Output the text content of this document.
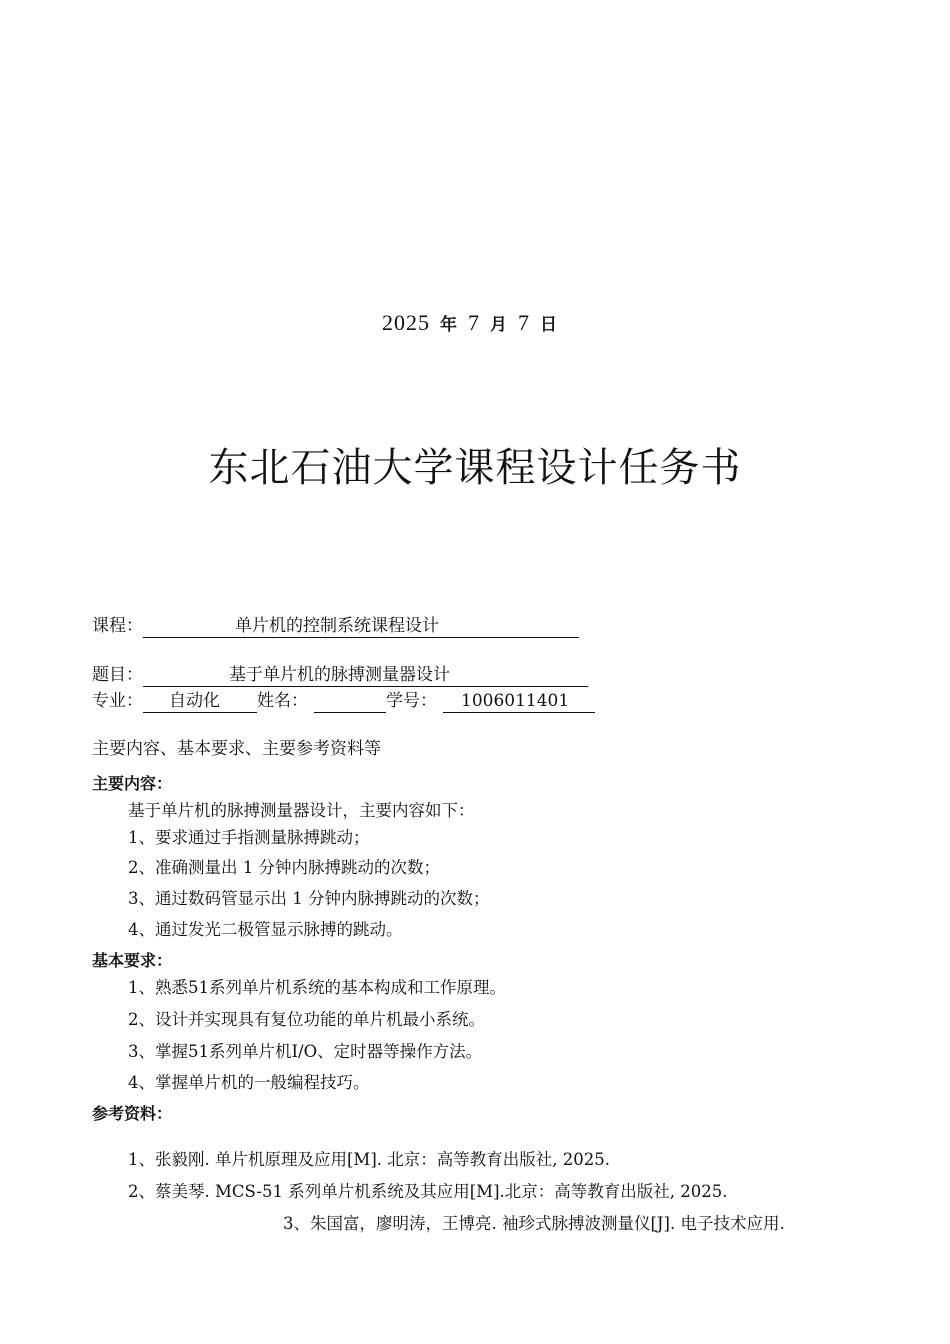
2025 年 7 月 7 日
东北石油大学课程设计任务书
课程：	单片机的控制系统课程设计
题目：	基于单片机的脉搏测量器设计
专业： 自动化 姓名：	学号： 1006011401
主要内容、基本要求、主要参考资料等
主要内容：
基于单片机的脉搏测量器设计，主要内容如下：
1、要求通过手指测量脉搏跳动；
2、准确测量出 1 分钟内脉搏跳动的次数；
3、通过数码管显示出 1 分钟内脉搏跳动的次数；
4、通过发光二极管显示脉搏的跳动。
基本要求：
1、熟悉51系列单片机系统的基本构成和工作原理。
2、设计并实现具有复位功能的单片机最小系统。
3、掌握51系列单片机I/O、定时器等操作方法。
4、掌握单片机的一般编程技巧。
参考资料：
1、张毅刚. 单片机原理及应用[M]. 北京：高等教育出版社, 2025.
2、蔡美琴. MCS-51 系列单片机系统及其应用[M].北京：高等教育出版社, 2025.
3、朱国富，廖明涛，王博亮. 袖珍式脉搏波测量仪[J]. 电子技术应用.
